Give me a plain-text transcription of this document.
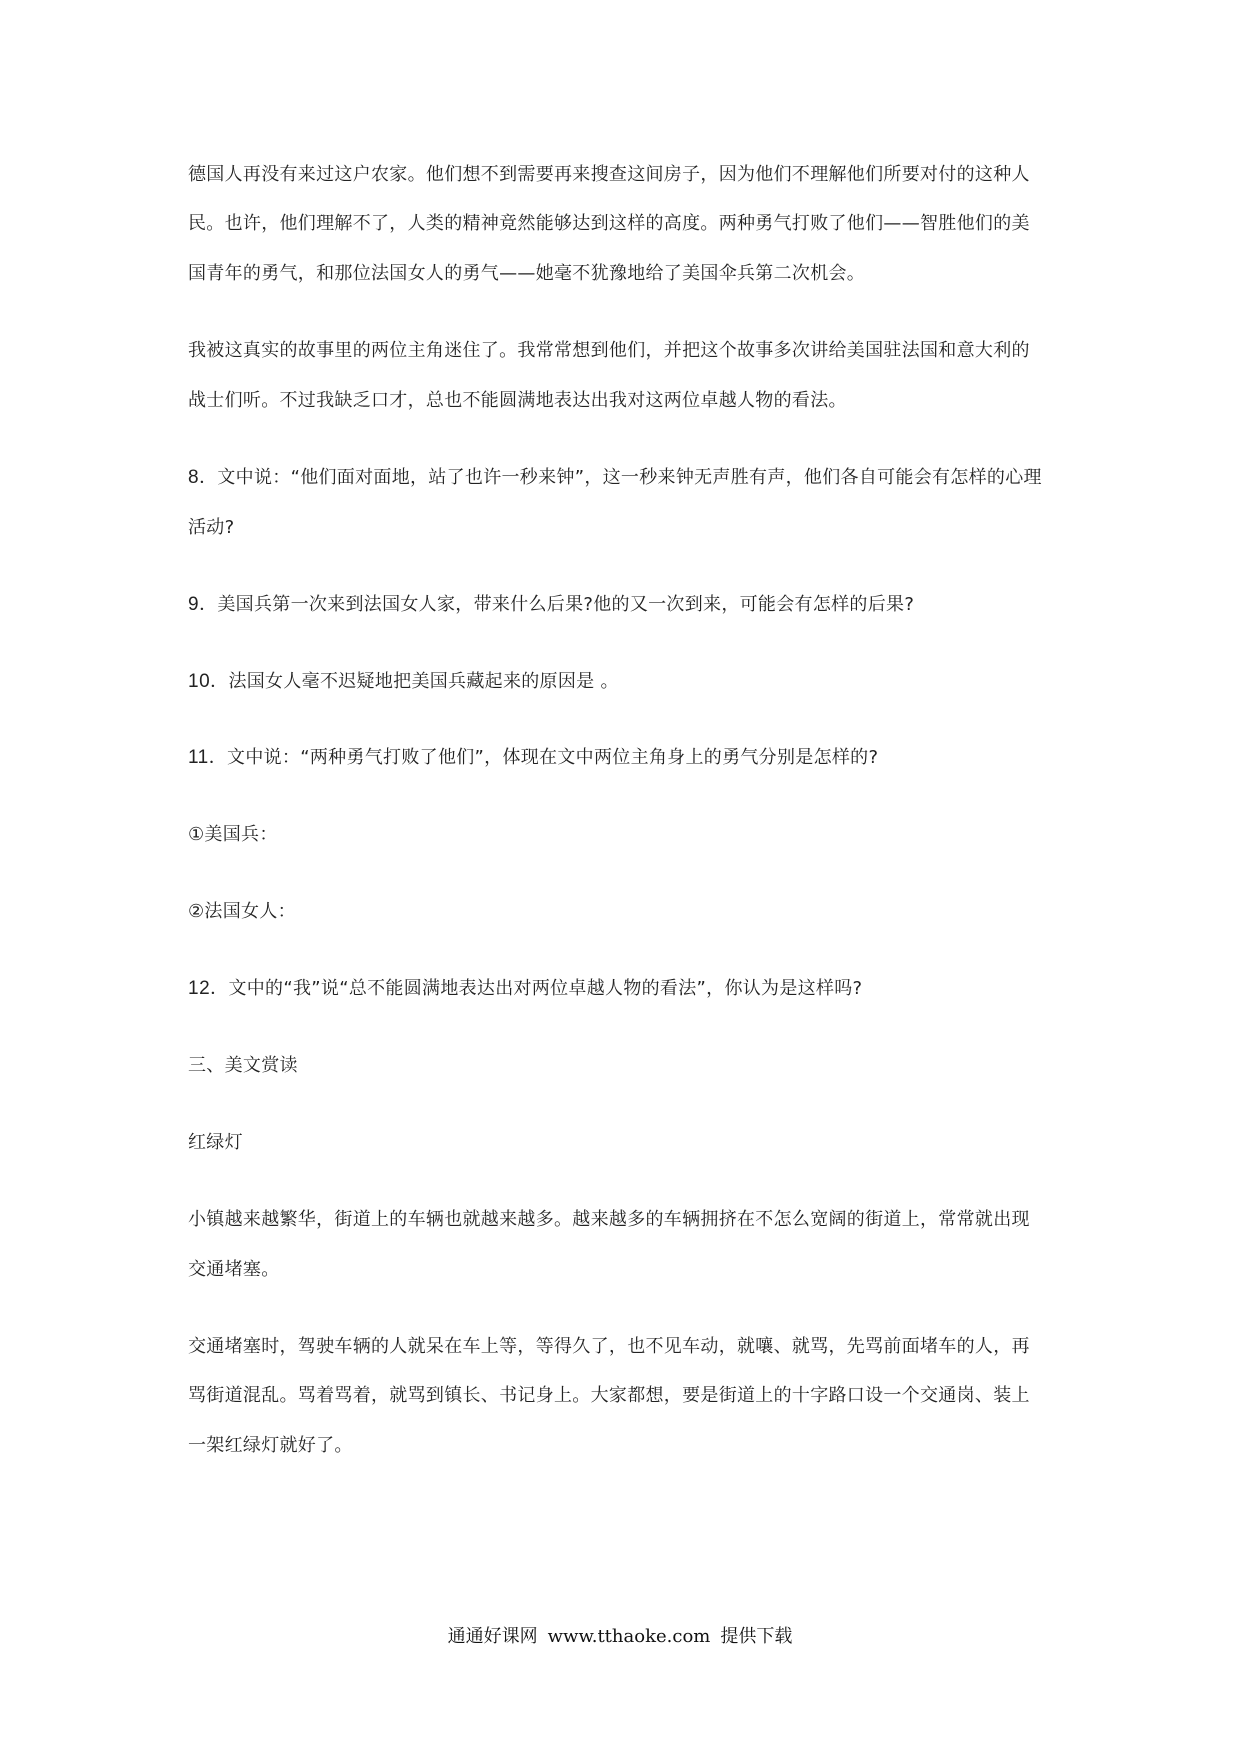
德国人再没有来过这户农家。他们想不到需要再来搜查这间房子，因为他们不理解他们所要对付的这种人
民。也许，他们理解不了，人类的精神竟然能够达到这样的高度。两种勇气打败了他们——智胜他们的美
国青年的勇气，和那位法国女人的勇气——她毫不犹豫地给了美国伞兵第二次机会。
我被这真实的故事里的两位主角迷住了。我常常想到他们，并把这个故事多次讲给美国驻法国和意大利的
战士们听。不过我缺乏口才，总也不能圆满地表达出我对这两位卓越人物的看法。
8．文中说：“他们面对面地，站了也许一秒来钟”，这一秒来钟无声胜有声，他们各自可能会有怎样的心理
活动?
9．美国兵第一次来到法国女人家，带来什么后果?他的又一次到来，可能会有怎样的后果?
10．法国女人毫不迟疑地把美国兵藏起来的原因是 。
11．文中说：“两种勇气打败了他们”，体现在文中两位主角身上的勇气分别是怎样的?
①美国兵：
②法国女人：
12．文中的“我”说“总不能圆满地表达出对两位卓越人物的看法”，你认为是这样吗?
三、美文赏读
红绿灯
小镇越来越繁华，街道上的车辆也就越来越多。越来越多的车辆拥挤在不怎么宽阔的街道上，常常就出现
交通堵塞。
交通堵塞时，驾驶车辆的人就呆在车上等，等得久了，也不见车动，就嚷、就骂，先骂前面堵车的人，再
骂街道混乱。骂着骂着，就骂到镇长、书记身上。大家都想，要是街道上的十字路口设一个交通岗、装上
一架红绿灯就好了。
通通好课网 www.tthaoke.com 提供下载
